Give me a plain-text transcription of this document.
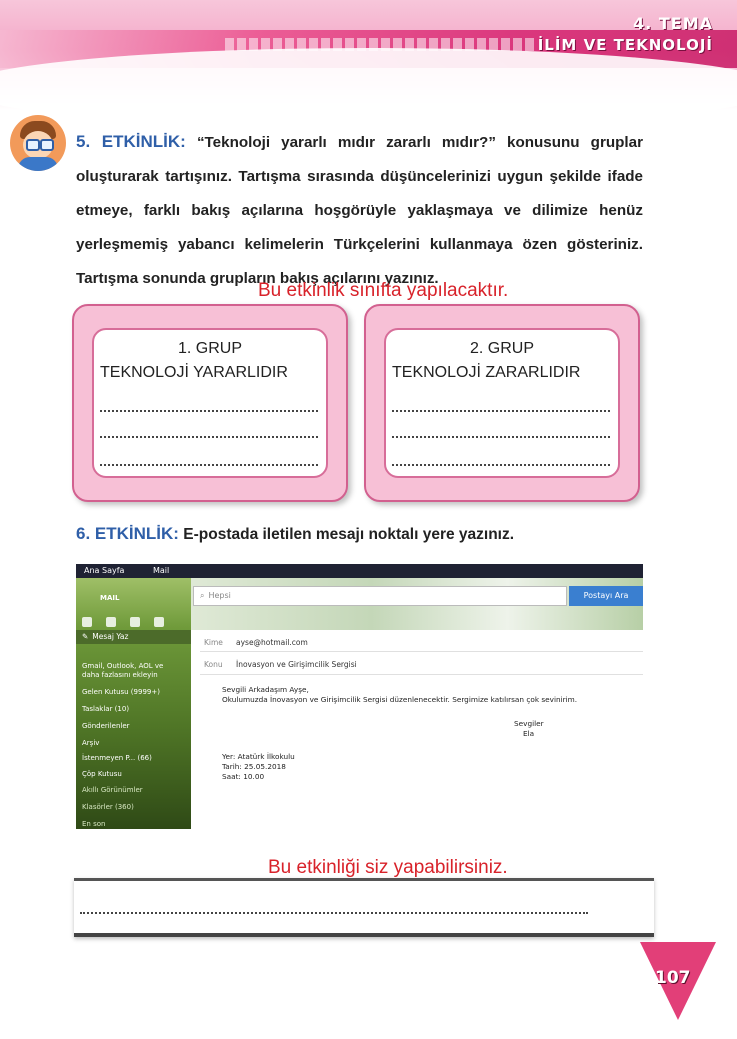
4. TEMA
İLİM VE TEKNOLOJİ
5. ETKİNLİK: “Teknoloji yararlı mıdır zararlı mıdır?” konusunu gruplar oluşturarak tartışınız. Tartışma sırasında düşüncelerinizi uygun şekilde ifade etmeye, farklı bakış açılarına hoşgörüyle yaklaşmaya ve dilimize henüz yerleşmemiş yabancı kelimelerin Türkçelerini kullanmaya özen gösteriniz. Tartışma sonunda grupların bakış açılarını yazınız.
Bu etkinlik sınıfta yapılacaktır.
1. GRUP
TEKNOLOJİ YARARLIDIR
2. GRUP
TEKNOLOJİ ZARARLIDIR
6. ETKİNLİK: E-postada iletilen mesajı noktalı yere yazınız.
Ana Sayfa	Mail
⌕ Hepsi	Postayı Ara
MAIL
✎ Mesaj Yaz
Gmail, Outlook, AOL ve
daha fazlasını ekleyin
Gelen Kutusu (9999+)
Taslaklar (10)
Gönderilenler
Arşiv
İstenmeyen P... (66)
Çöp Kutusu
Akıllı Görünümler
Klasörler (360)
En son
Kime ayse@hotmail.com
Konu İnovasyon ve Girişimcilik Sergisi
Sevgili Arkadaşım Ayşe,
Okulumuzda İnovasyon ve Girişimcilik Sergisi düzenlenecektir. Sergimize katılırsan çok sevinirim.
Sevgiler
Ela
Yer: Atatürk İlkokulu
Tarih: 25.05.2018
Saat: 10.00
Bu etkinliği siz yapabilirsiniz.
107
